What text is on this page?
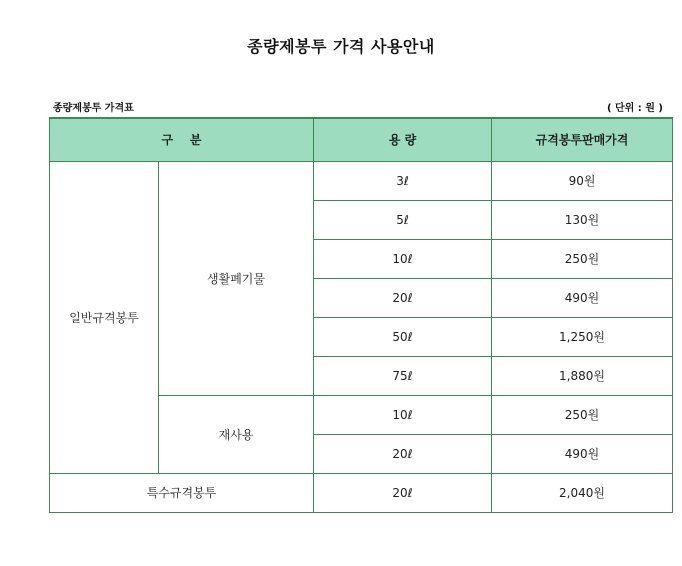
종량제봉투 가격 사용안내
종량제봉투 가격표	( 단위 : 원 )
구    분		용 량	규격봉투판매가격
일반규격봉투	생활폐기물	3ℓ	90원
		5ℓ	130원
		10ℓ	250원
		20ℓ	490원
		50ℓ	1,250원
		75ℓ	1,880원
	재사용	10ℓ	250원
		20ℓ	490원
특수규격봉투		20ℓ	2,040원
